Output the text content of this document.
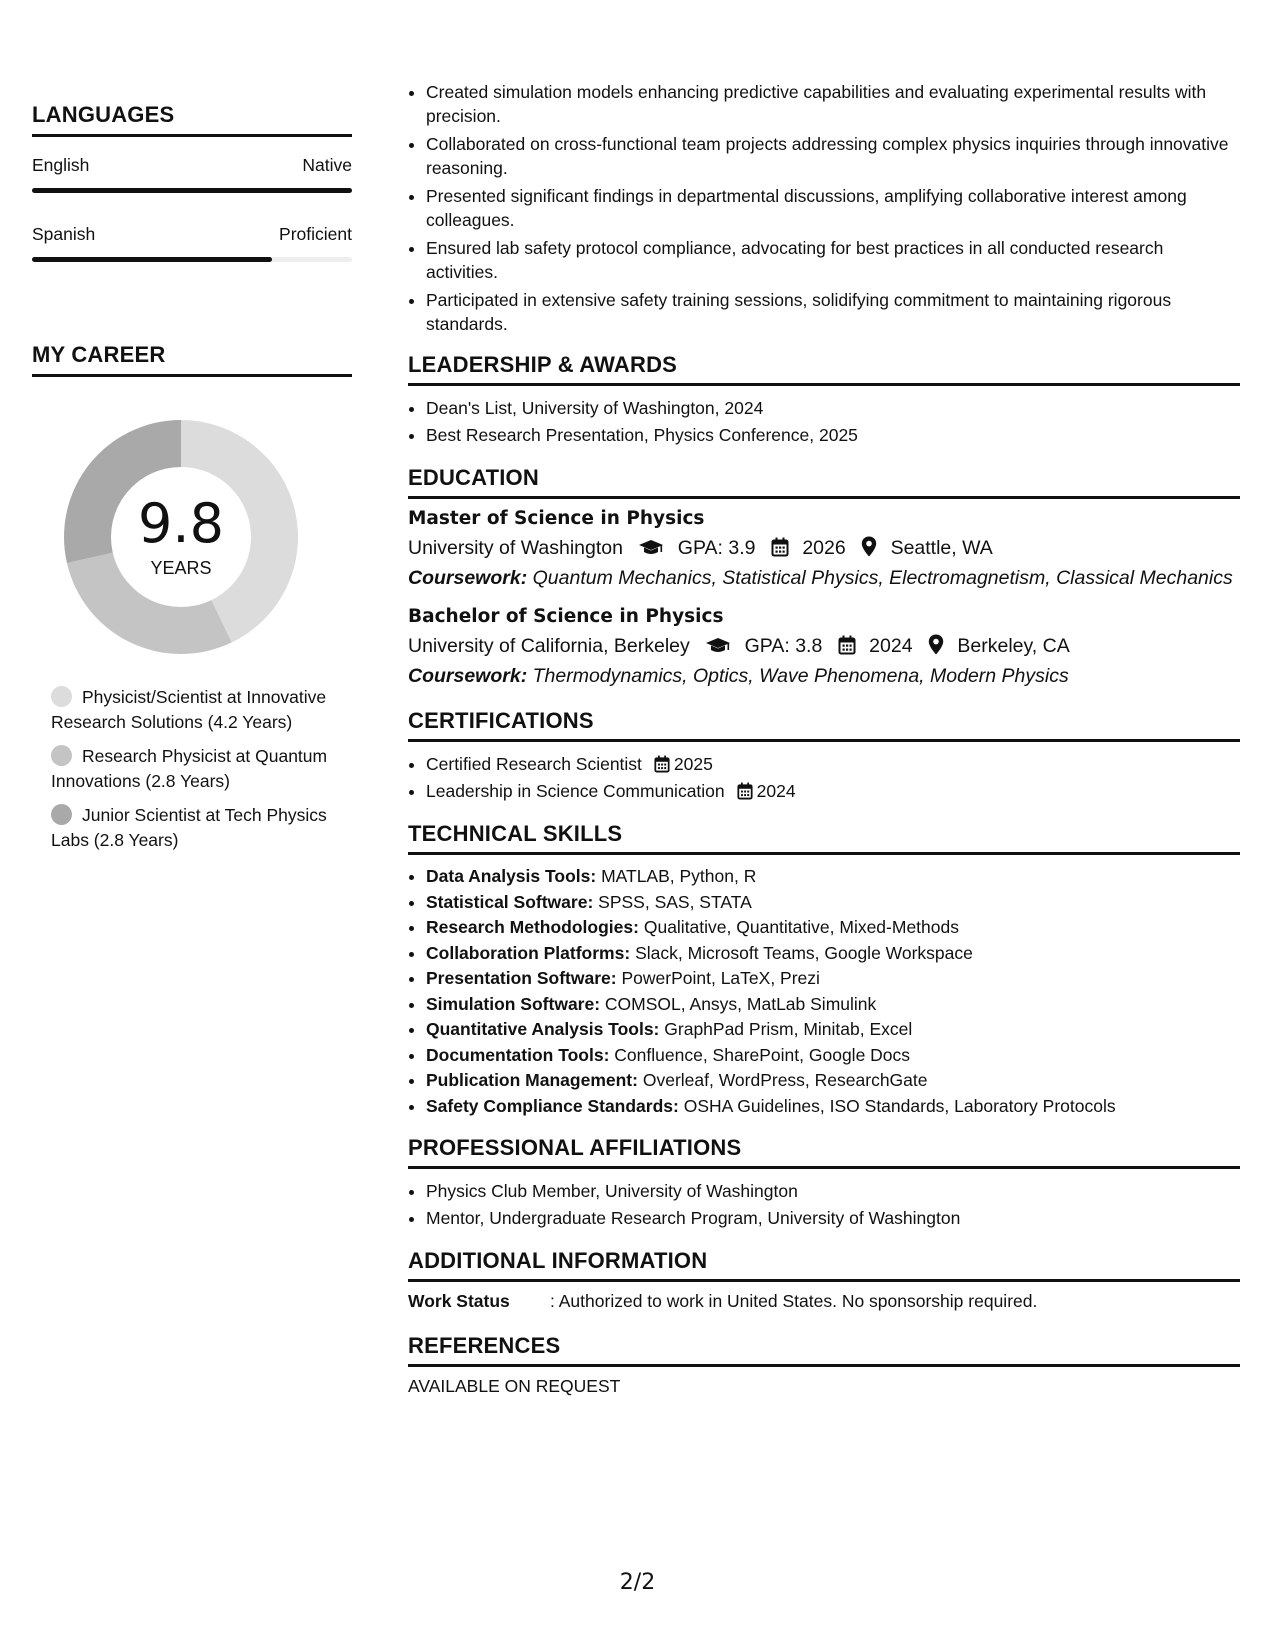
LANGUAGES
English	Native
Spanish	Proficient
MY CAREER
9.8
YEARS
Physicist/Scientist at Innovative Research Solutions (4.2 Years)
Research Physicist at Quantum Innovations (2.8 Years)
Junior Scientist at Tech Physics Labs (2.8 Years)
• Created simulation models enhancing predictive capabilities and evaluating experimental results with precision.
• Collaborated on cross-functional team projects addressing complex physics inquiries through innovative reasoning.
• Presented significant findings in departmental discussions, amplifying collaborative interest among colleagues.
• Ensured lab safety protocol compliance, advocating for best practices in all conducted research activities.
• Participated in extensive safety training sessions, solidifying commitment to maintaining rigorous standards.
LEADERSHIP & AWARDS
• Dean's List, University of Washington, 2024
• Best Research Presentation, Physics Conference, 2025
EDUCATION
Master of Science in Physics
University of Washington	GPA: 3.9 2026 Seattle, WA
Coursework: Quantum Mechanics, Statistical Physics, Electromagnetism, Classical Mechanics
Bachelor of Science in Physics
University of California, Berkeley	GPA: 3.8 2024 Berkeley, CA
Coursework: Thermodynamics, Optics, Wave Phenomena, Modern Physics
CERTIFICATIONS
• Certified Research Scientist 2025
• Leadership in Science Communication 2024
TECHNICAL SKILLS
• Data Analysis Tools: MATLAB, Python, R
• Statistical Software: SPSS, SAS, STATA
• Research Methodologies: Qualitative, Quantitative, Mixed-Methods
• Collaboration Platforms: Slack, Microsoft Teams, Google Workspace
• Presentation Software: PowerPoint, LaTeX, Prezi
• Simulation Software: COMSOL, Ansys, MatLab Simulink
• Quantitative Analysis Tools: GraphPad Prism, Minitab, Excel
• Documentation Tools: Confluence, SharePoint, Google Docs
• Publication Management: Overleaf, WordPress, ResearchGate
• Safety Compliance Standards: OSHA Guidelines, ISO Standards, Laboratory Protocols
PROFESSIONAL AFFILIATIONS
• Physics Club Member, University of Washington
• Mentor, Undergraduate Research Program, University of Washington
ADDITIONAL INFORMATION
Work Status : Authorized to work in United States. No sponsorship required.
REFERENCES
AVAILABLE ON REQUEST
2/2
